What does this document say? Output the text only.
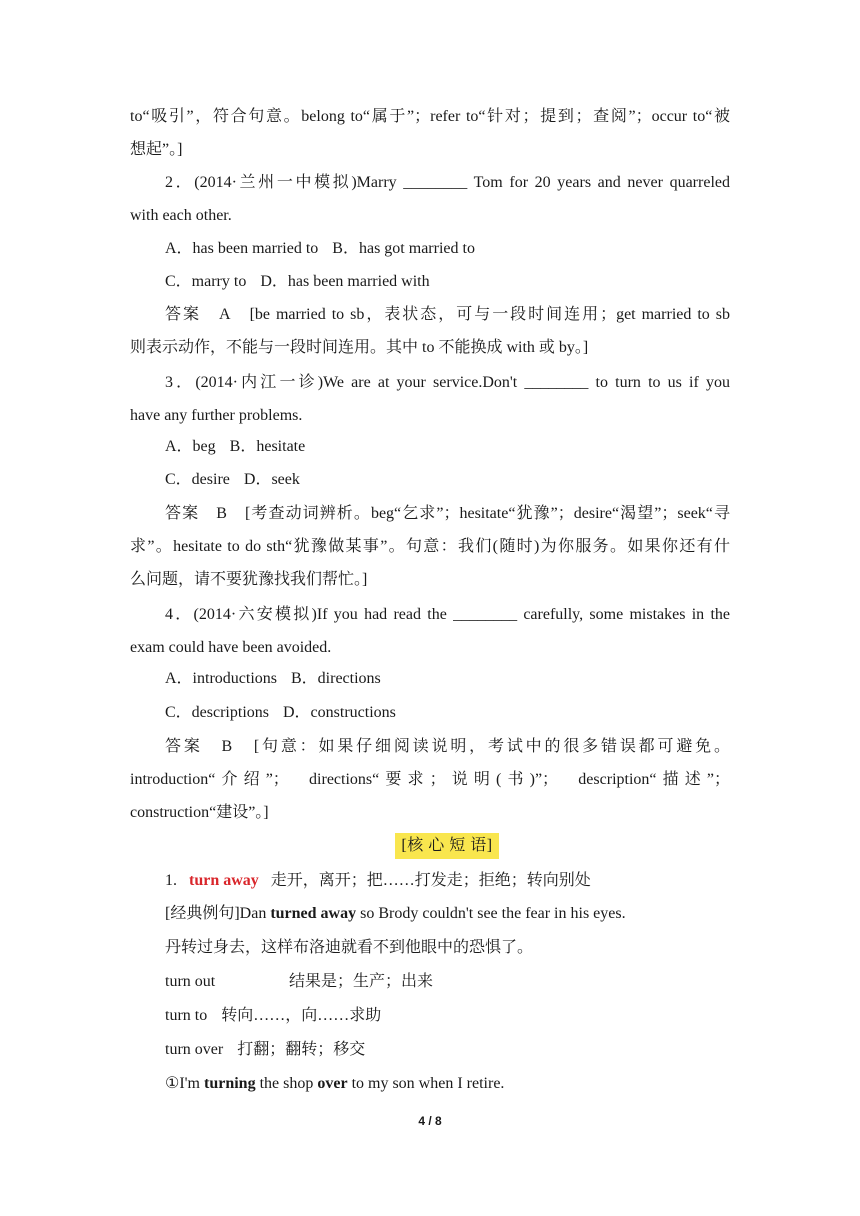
to“吸引”，符合句意。belong to“属于”；refer to“针对；提到；查阅”；occur to“被
想起”。]
2．(2014·兰州一中模拟)Marry ________ Tom for 20 years and never quarreled
with each other.
A．has been married to B．has got married to
C．marry to D．has been married with
答案　A　[be married to sb，表状态，可与一段时间连用；get married to sb
则表示动作，不能与一段时间连用。其中 to 不能换成 with 或 by。]
3．(2014·内江一诊)We are at your service.Don't ________ to turn to us if you
have any further problems.
A．beg B．hesitate
C．desire D．seek
答案　B　[考查动词辨析。beg“乞求”；hesitate“犹豫”；desire“渴望”；seek“寻
求”。hesitate to do sth“犹豫做某事”。句意：我们(随时)为你服务。如果你还有什
么问题，请不要犹豫找我们帮忙。]
4．(2014·六安模拟)If you had read the ________ carefully, some mistakes in the
exam could have been avoided.
A．introductions B．directions
C．descriptions D．constructions
答案　B　[句意：如果仔细阅读说明，考试中的很多错误都可避免。
introduction“介绍”；　directions“要求；说明(书)”；　description“描述”；
construction“建设”。]
[核 心 短 语]
1. turn away 走开，离开；把……打发走；拒绝；转向别处
[经典例句]Dan turned away so Brody couldn't see the fear in his eyes.
丹转过身去，这样布洛迪就看不到他眼中的恐惧了。
turn out	结果是；生产；出来
turn to 转向……，向……求助
turn over 打翻；翻转；移交
①I'm turning the shop over to my son when I retire.
4 / 8
